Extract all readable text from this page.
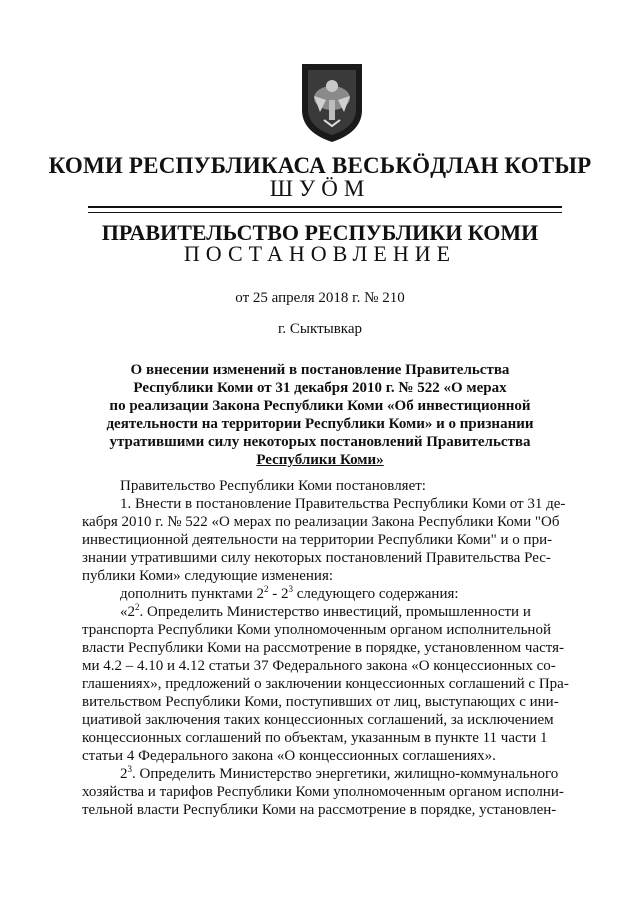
КОМИ РЕСПУБЛИКАСА ВЕСЬКӦДЛАН КОТЫР
ШУӦМ
ПРАВИТЕЛЬСТВО РЕСПУБЛИКИ КОМИ
ПОСТАНОВЛЕНИЕ
от 25 апреля 2018 г. № 210
г. Сыктывкар
О внесении изменений в постановление Правительства
Республики Коми от 31 декабря 2010 г. № 522 «О мерах
по реализации Закона Республики Коми «Об инвестиционной
деятельности на территории Республики Коми» и о признании
утратившими силу некоторых постановлений Правительства
Республики Коми»
Правительство Республики Коми постановляет:
1. Внести в постановление Правительства Республики Коми от 31 де-
кабря 2010 г. № 522 «О мерах по реализации Закона Республики Коми "Об
инвестиционной деятельности на территории Республики Коми" и о при-
знании утратившими силу некоторых постановлений Правительства Рес-
публики Коми» следующие изменения:
дополнить пунктами $2^2 - 2^3$ следующего содержания:
«$2^2$. Определить Министерство инвестиций, промышленности и
транспорта Республики Коми уполномоченным органом исполнительной
власти Республики Коми на рассмотрение в порядке, установленном частя-
ми 4.2 – 4.10 и 4.12 статьи 37 Федерального закона «О концессионных со-
глашениях», предложений о заключении концессионных соглашений с Пра-
вительством Республики Коми, поступивших от лиц, выступающих с ини-
циативой заключения таких концессионных соглашений, за исключением
концессионных соглашений по объектам, указанным в пункте 11 части 1
статьи 4 Федерального закона «О концессионных соглашениях».
$2^3$. Определить Министерство энергетики, жилищно-коммунального
хозяйства и тарифов Республики Коми уполномоченным органом исполни-
тельной власти Республики Коми на рассмотрение в порядке, установлен-
